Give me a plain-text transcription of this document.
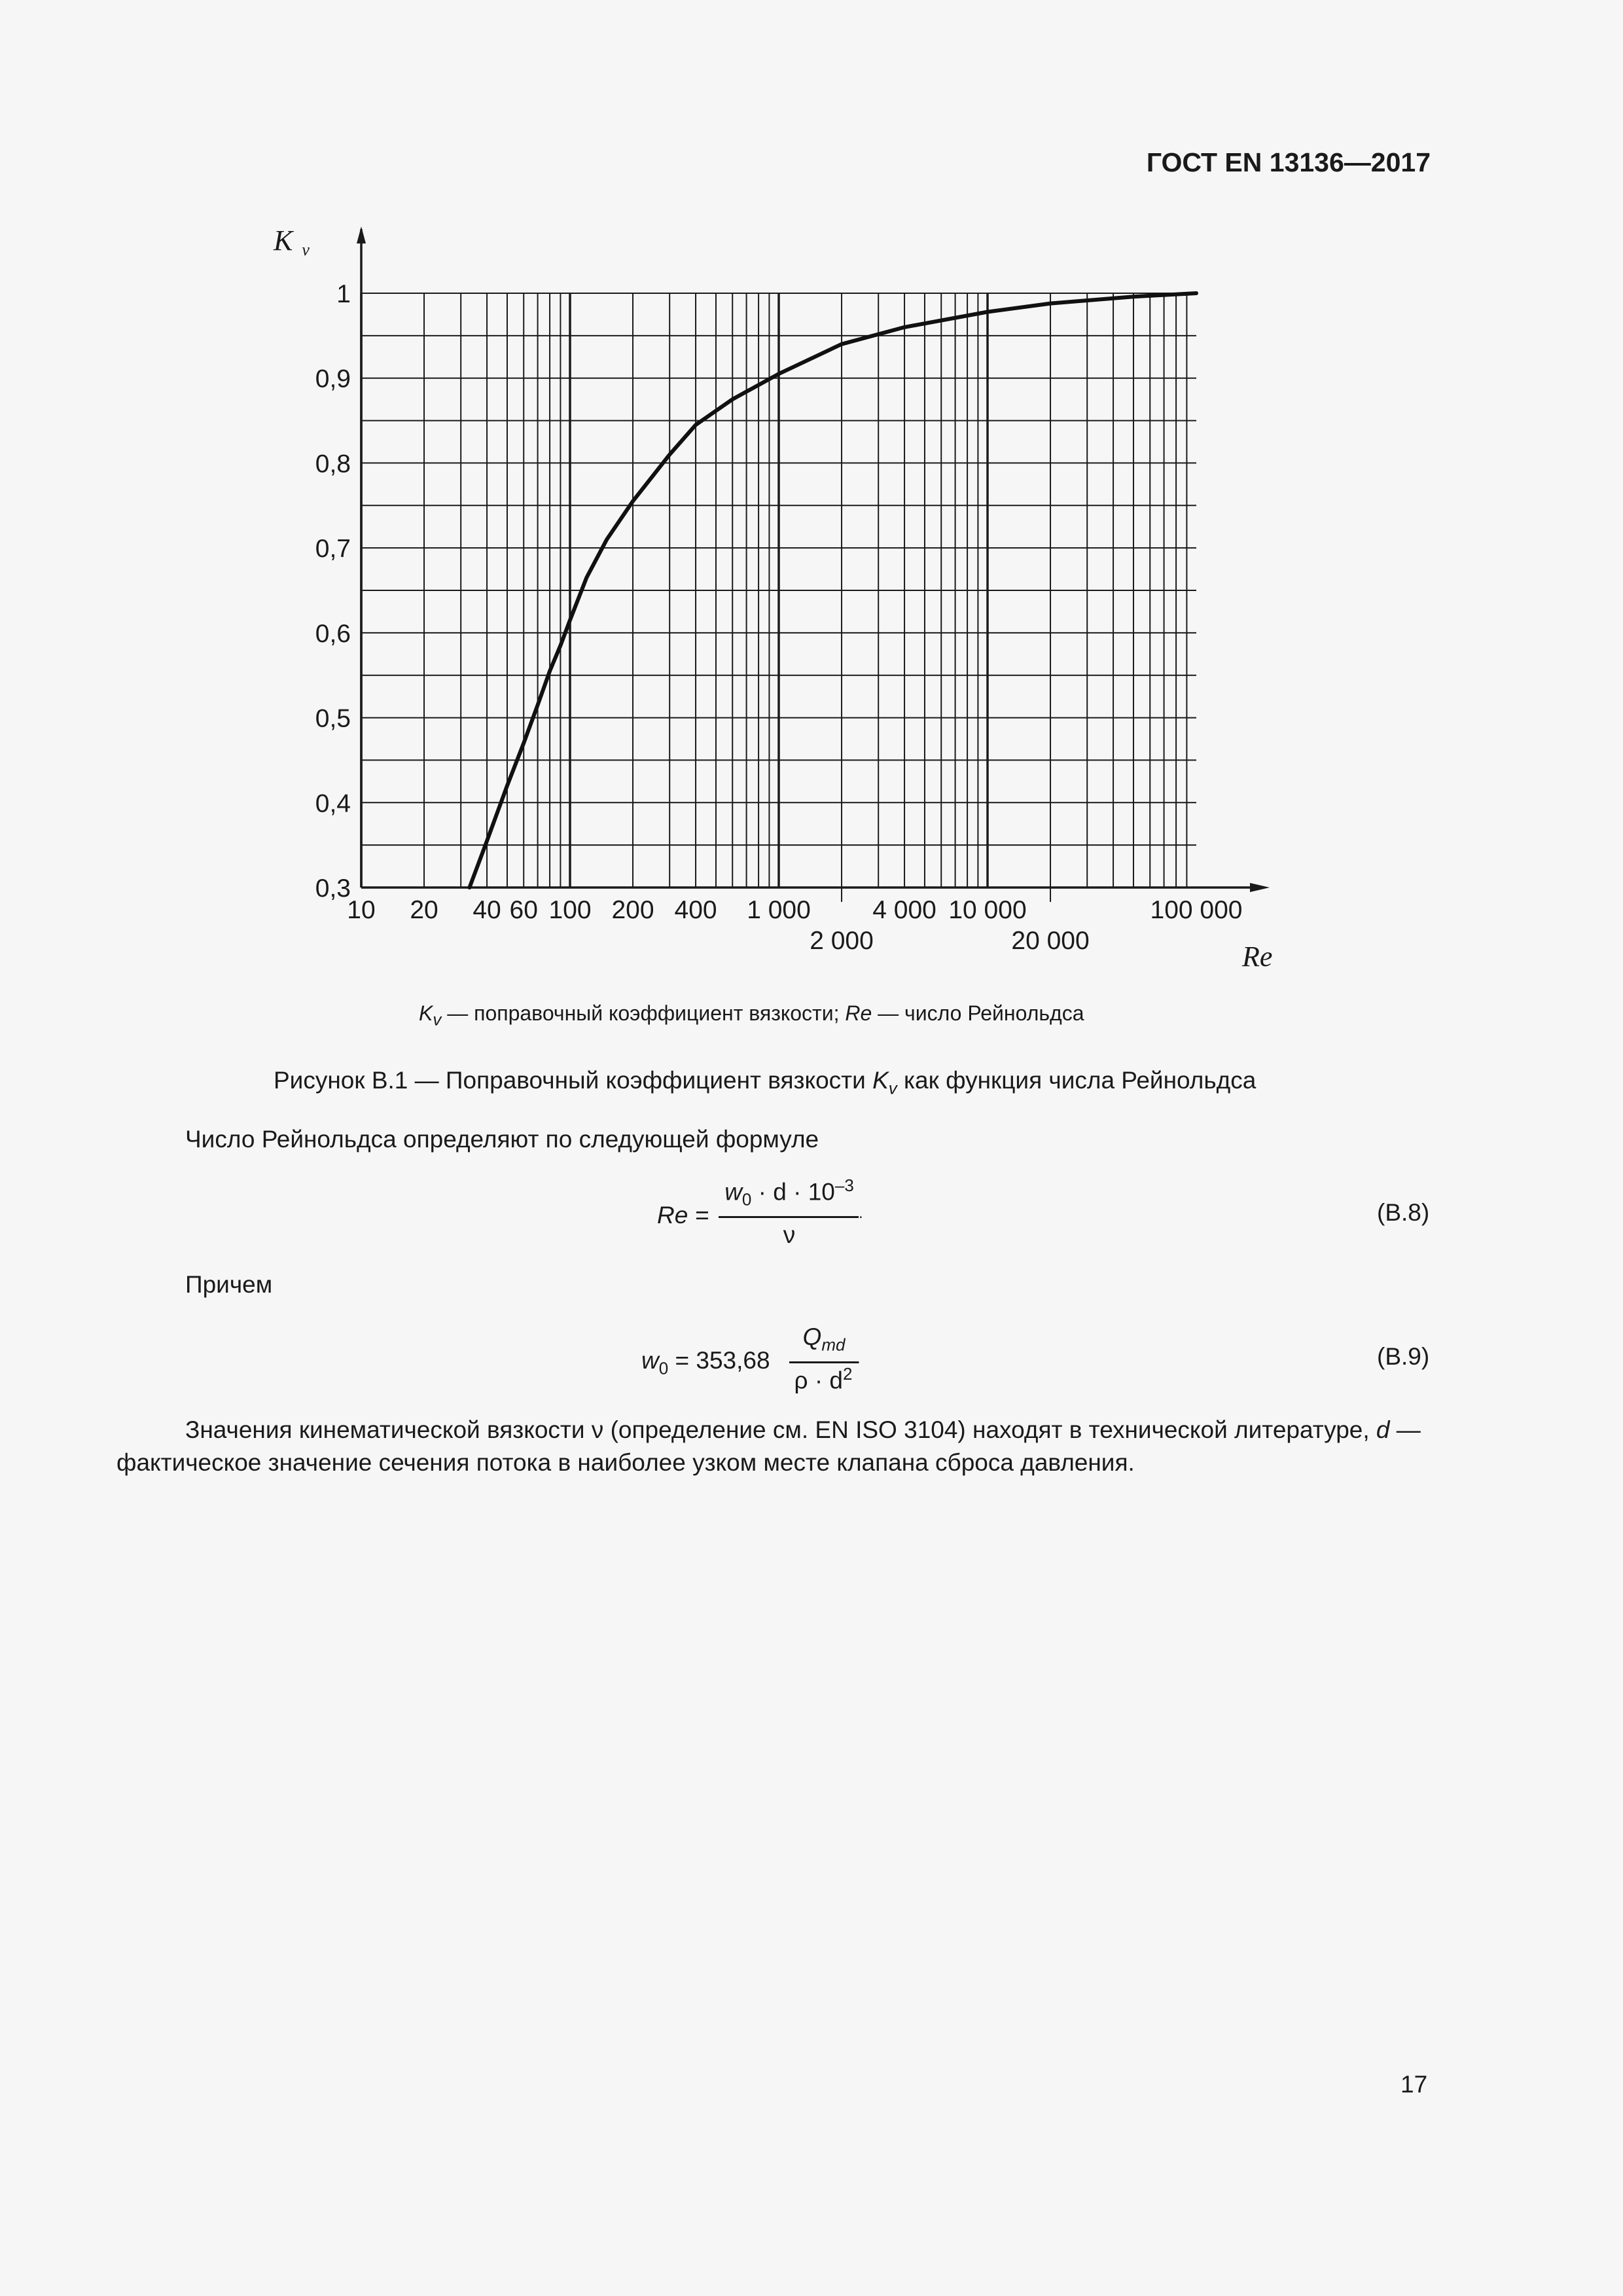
ГОСТ EN 13136—2017
1
0,9
0,8
0,7
0,6
0,5
0,4
0,3
10 20 40 60 100 200 400 1 000 4 000 10 000	100 000
2 000	20 000
Kv
Re
$K_v$ — поправочный коэффициент вязкости; Re — число Рейнольдса
Рисунок В.1 — Поправочный коэффициент вязкости $K_v$ как функция числа Рейнольдса
Число Рейнольдса определяют по следующей формуле
Re =
$w_0 \cdot d \cdot 10^{-3}$
ν
.	(В.8)
Причем
$w_0 = 353,68$
$Q_{md}$
$\rho \cdot d^2$
.	(В.9)
Значения кинематической вязкости ν (определение см. EN ISO 3104) находят в технической литературе, d — фактическое значение сечения потока в наиболее узком месте клапана сброса давления.
17
